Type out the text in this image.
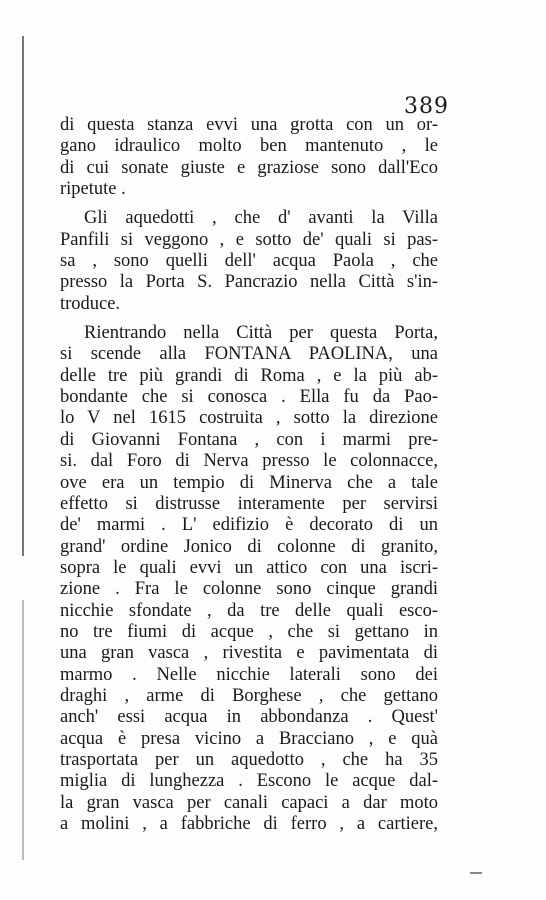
389
di questa stanza evvi una grotta con un or-
gano idraulico molto ben mantenuto , le
di cui sonate giuste e graziose sono dall'Eco
ripetute .
Gli aquedotti , che d' avanti la Villa
Panfili si veggono , e sotto de' quali si pas-
sa , sono quelli dell' acqua Paola , che
presso la Porta S. Pancrazio nella Città s'in-
troduce.
Rientrando nella Città per questa Porta,
si scende alla FONTANA PAOLINA, una
delle tre più grandi di Roma , e la più ab-
bondante che si conosca . Ella fu da Pao-
lo V nel 1615 costruita , sotto la direzione
di Giovanni Fontana , con i marmi pre-
si. dal Foro di Nerva presso le colonnacce,
ove era un tempio di Minerva che a tale
effetto si distrusse interamente per servirsi
de' marmi . L' edifizio è decorato di un
grand' ordine Jonico di colonne di granito,
sopra le quali evvi un attico con una iscri-
zione . Fra le colonne sono cinque grandi
nicchie sfondate , da tre delle quali esco-
no tre fiumi di acque , che si gettano in
una gran vasca , rivestita e pavimentata di
marmo . Nelle nicchie laterali sono dei
draghi , arme di Borghese , che gettano
anch' essi acqua in abbondanza . Quest'
acqua è presa vicino a Bracciano , e quà
trasportata per un aquedotto , che ha 35
miglia di lunghezza . Escono le acque dal-
la gran vasca per canali capaci a dar moto
a molini , a fabbriche di ferro , a cartiere,
